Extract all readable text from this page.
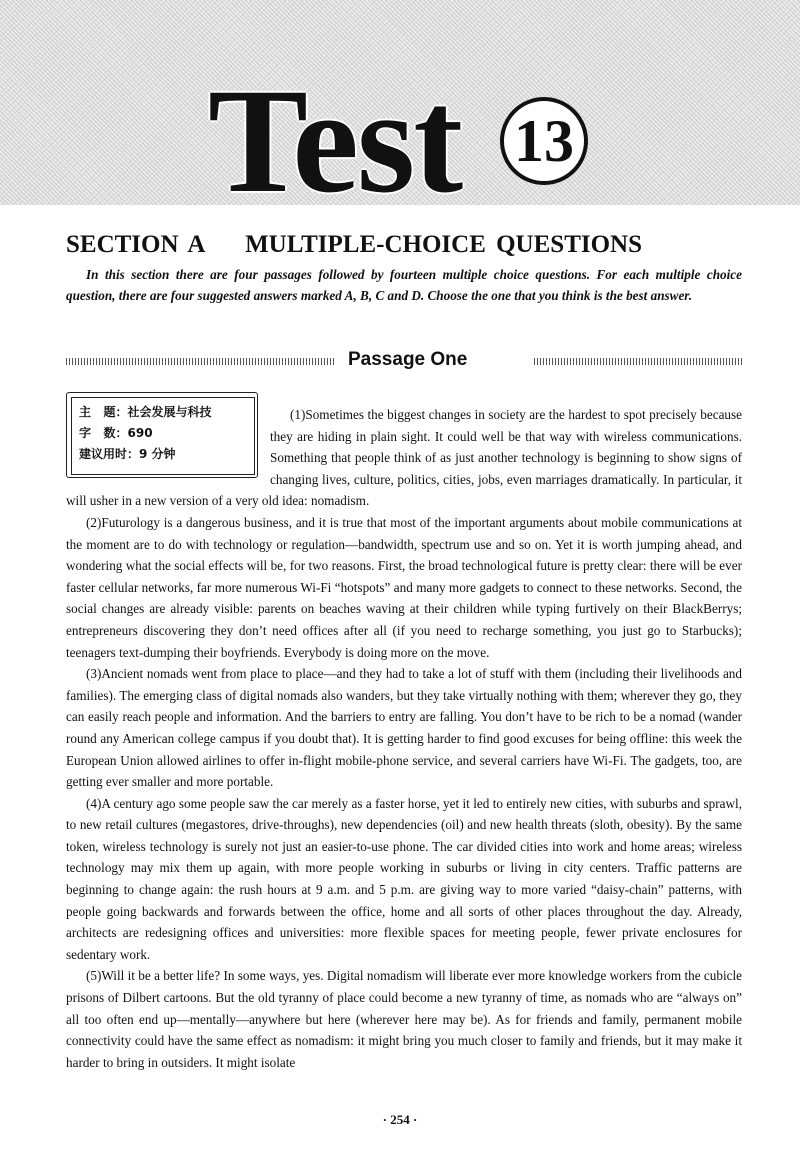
Test 13
SECTION A    MULTIPLE-CHOICE QUESTIONS
In this section there are four passages followed by fourteen multiple choice questions. For each multiple choice question, there are four suggested answers marked A, B, C and D. Choose the one that you think is the best answer.
Passage One
主   题：社会发展与科技
字   数：690
建议用时：9 分钟

(1)Sometimes the biggest changes in society are the hardest to spot precisely because they are hiding in plain sight. It could well be that way with wireless communications. Something that people think of as just another technology is beginning to show signs of changing lives, culture, politics, cities, jobs, even marriages dramatically. In particular, it will usher in a new version of a very old idea: nomadism.

(2)Futurology is a dangerous business, and it is true that most of the important arguments about mobile communications at the moment are to do with technology or regulation—bandwidth, spectrum use and so on. Yet it is worth jumping ahead, and wondering what the social effects will be, for two reasons. First, the broad technological future is pretty clear: there will be ever faster cellular networks, far more numerous Wi-Fi “hotspots” and many more gadgets to connect to these networks. Second, the social changes are already visible: parents on beaches waving at their children while typing furtively on their BlackBerrys; entrepreneurs discovering they don’t need offices after all (if you need to recharge something, you just go to Starbucks); teenagers text-dumping their boyfriends. Everybody is doing more on the move.

(3)Ancient nomads went from place to place—and they had to take a lot of stuff with them (including their livelihoods and families). The emerging class of digital nomads also wanders, but they take virtually nothing with them; wherever they go, they can easily reach people and information. And the barriers to entry are falling. You don’t have to be rich to be a nomad (wander round any American college campus if you doubt that). It is getting harder to find good excuses for being offline: this week the European Union allowed airlines to offer in-flight mobile-phone service, and several carriers have Wi-Fi. The gadgets, too, are getting ever smaller and more portable.

(4)A century ago some people saw the car merely as a faster horse, yet it led to entirely new cities, with suburbs and sprawl, to new retail cultures (megastores, drive-throughs), new dependencies (oil) and new health threats (sloth, obesity). By the same token, wireless technology is surely not just an easier-to-use phone. The car divided cities into work and home areas; wireless technology may mix them up again, with more people working in suburbs or living in city centers. Traffic patterns are beginning to change again: the rush hours at 9 a.m. and 5 p.m. are giving way to more varied “daisy-chain” patterns, with people going backwards and forwards between the office, home and all sorts of other places throughout the day. Already, architects are redesigning offices and universities: more flexible spaces for meeting people, fewer private enclosures for sedentary work.

(5)Will it be a better life? In some ways, yes. Digital nomadism will liberate ever more knowledge workers from the cubicle prisons of Dilbert cartoons. But the old tyranny of place could become a new tyranny of time, as nomads who are “always on” all too often end up—mentally—anywhere but here (wherever here may be). As for friends and family, permanent mobile connectivity could have the same effect as nomadism: it might bring you much closer to family and friends, but it may make it harder to bring in outsiders. It might isolate

· 254 ·
